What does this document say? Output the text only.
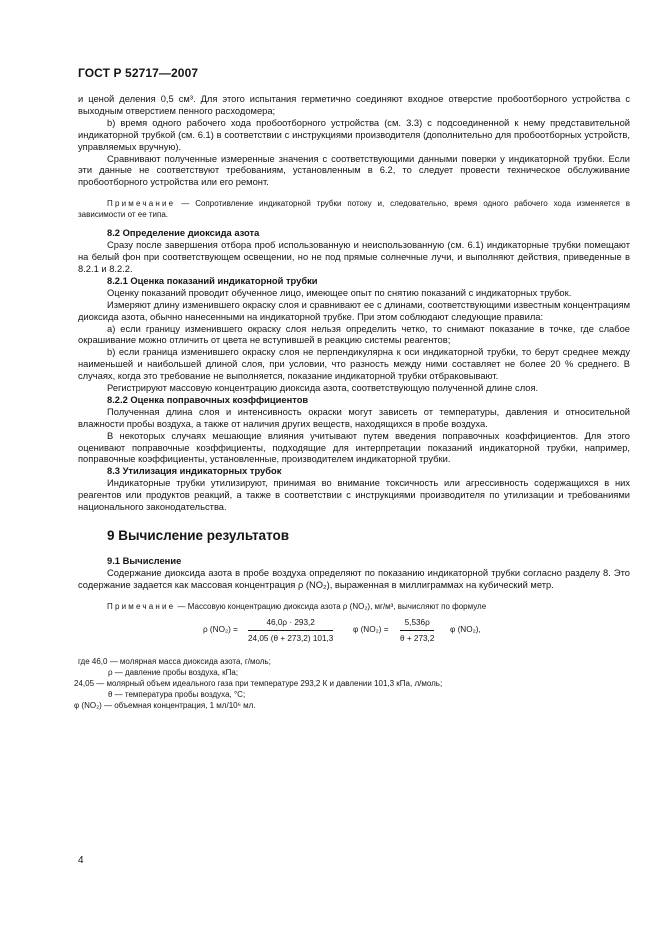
ГОСТ Р 52717—2007

и ценой деления 0,5 см³. Для этого испытания герметично соединяют входное отверстие пробоотборного устройства с выходным отверстием пенного расходомера;

b) время одного рабочего хода пробоотборного устройства (см. 3.3) с подсоединенной к нему представительной индикаторной трубкой (см. 6.1) в соответствии с инструкциями производителя (дополнительно для пробоотборных устройств, управляемых вручную).

Сравнивают полученные измеренные значения с соответствующими данными поверки у индикаторной трубки. Если эти данные не соответствуют требованиям, установленным в 6.2, то следует провести техническое обслуживание пробоотборного устройства или его ремонт.

Примечание — Сопротивление индикаторной трубки потоку и, следовательно, время одного рабочего хода изменяется в зависимости от ее типа.

8.2 Определение диоксида азота

Сразу после завершения отбора проб использованную и неиспользованную (см. 6.1) индикаторные трубки помещают на белый фон при соответствующем освещении, но не под прямые солнечные лучи, и выполняют действия, приведенные в 8.2.1 и 8.2.2.

8.2.1 Оценка показаний индикаторной трубки

Оценку показаний проводит обученное лицо, имеющее опыт по снятию показаний с индикаторных трубок.

Измеряют длину изменившего окраску слоя и сравнивают ее с длинами, соответствующими известным концентрациям диоксида азота, обычно нанесенными на индикаторной трубке. При этом соблюдают следующие правила:

а) если границу изменившего окраску слоя нельзя определить четко, то снимают показание в точке, где слабое окрашивание можно отличить от цвета не вступившей в реакцию системы реагентов;

b) если граница изменившего окраску слоя не перпендикулярна к оси индикаторной трубки, то берут среднее между наименьшей и наибольшей длиной слоя, при условии, что разность между ними составляет не более 20 % среднего. В случаях, когда это требование не выполняется, показание индикаторной трубки отбраковывают.

Регистрируют массовую концентрацию диоксида азота, соответствующую полученной длине слоя.

8.2.2 Оценка поправочных коэффициентов

Полученная длина слоя и интенсивность окраски могут зависеть от температуры, давления и относительной влажности пробы воздуха, а также от наличия других веществ, находящихся в пробе воздуха.

В некоторых случаях мешающие влияния учитывают путем введения поправочных коэффициентов. Для этого оценивают поправочные коэффициенты, подходящие для интерпретации показаний индикаторной трубки, например, поправочные коэффициенты, установленные, производителем индикаторной трубки.

8.3 Утилизация индикаторных трубок

Индикаторные трубки утилизируют, принимая во внимание токсичность или агрессивность содержащихся в них реагентов или продуктов реакций, а также в соответствии с инструкциями производителя по утилизации и требованиями национального законодательства.

9 Вычисление результатов

9.1 Вычисление

Содержание диоксида азота в пробе воздуха определяют по показанию индикаторной трубки согласно разделу 8. Это содержание задается как массовая концентрация ρ (NO₂), выраженная в миллиграммах на кубический метр.

Примечание — Массовую концентрацию диоксида азота ρ (NO₂), мг/м³, вычисляют по формуле

ρ $(NO_2) = \frac{46,0\rho \cdot 293,2}{24,05 (\theta + 273,2) 101,3}$ φ $(NO_2) = \frac{5,536\rho}{\theta + 273,2}$ φ (NO₂),
где 46,0 — молярная масса диоксида азота, г/моль;
ρ — давление пробы воздуха, кПа;
24,05 — молярный объем идеального газа при температуре 293,2 К и давлении 101,3 кПа, л/моль;
θ — температура пробы воздуха, °С;
φ (NO₂) — объемная концентрация, 1 мл/10⁶ мл.
4
